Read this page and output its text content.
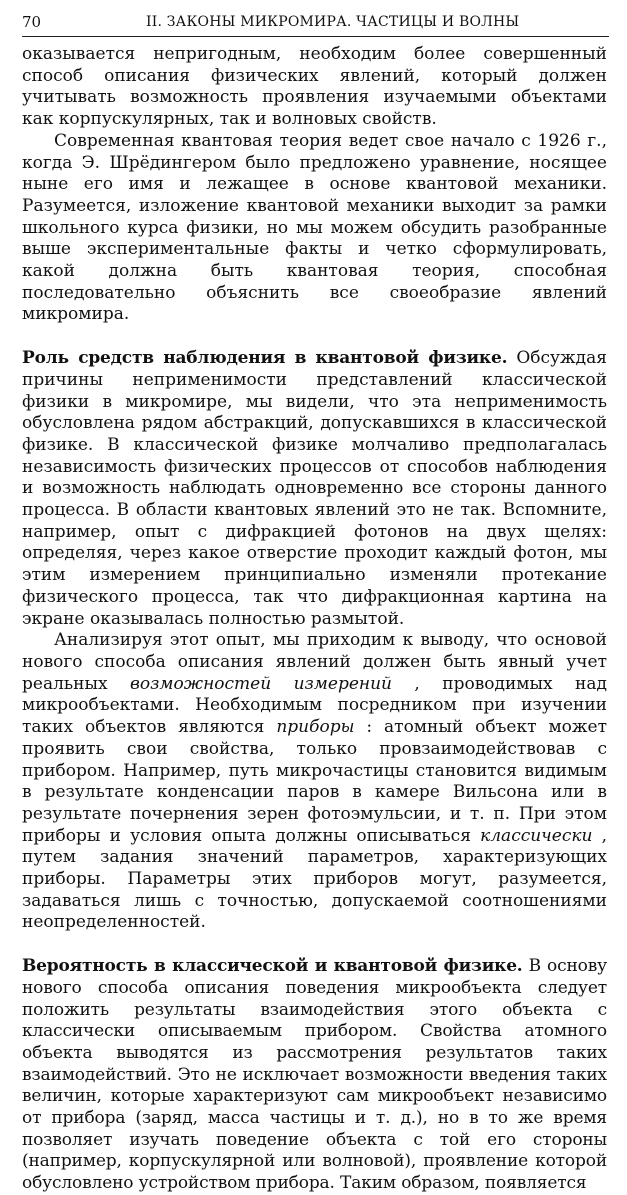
70	II. ЗАКОНЫ МИКРОМИРА. ЧАСТИЦЫ И ВОЛНЫ

оказывается непригодным, необходим более совершенный способ описания физических явлений, который должен учитывать возможность проявления изучаемыми объектами как корпускулярных, так и волновых свойств.

Современная квантовая теория ведет свое начало с 1926 г., когда Э. Шрёдингером было предложено уравнение, носящее ныне его имя и лежащее в основе квантовой механики. Разумеется, изложение квантовой механики выходит за рамки школьного курса физики, но мы можем обсудить разобранные выше экспериментальные факты и четко сформулировать, какой должна быть квантовая теория, способная последовательно объяснить все своеобразие явлений микромира.

Роль средств наблюдения в квантовой физике. Обсуждая причины неприменимости представлений классической физики в микромире, мы видели, что эта неприменимость обусловлена рядом абстракций, допускавшихся в классической физике. В классической физике молчаливо предполагалась независимость физических процессов от способов наблюдения и возможность наблюдать одновременно все стороны данного процесса. В области квантовых явлений это не так. Вспомните, например, опыт с дифракцией фотонов на двух щелях: определяя, через какое отверстие проходит каждый фотон, мы этим измерением принципиально изменяли протекание физического процесса, так что дифракционная картина на экране оказывалась полностью размытой.

Анализируя этот опыт, мы приходим к выводу, что основой нового способа описания явлений должен быть явный учет реальных возможностей измерений , проводимых над микрообъектами. Необходимым посредником при изучении таких объектов являются приборы : атомный объект может проявить свои свойства, только провзаимодействовав с прибором. Например, путь микрочастицы становится видимым в результате конденсации паров в камере Вильсона или в результате почернения зерен фотоэмульсии, и т. п. При этом приборы и условия опыта должны описываться классически , путем задания значений параметров, характеризующих приборы. Параметры этих приборов могут, разумеется, задаваться лишь с точностью, допускаемой соотношениями неопределенностей.

Вероятность в классической и квантовой физике. В основу нового способа описания поведения микрообъекта следует положить результаты взаимодействия этого объекта с классически описываемым прибором. Свойства атомного объекта выводятся из рассмотрения результатов таких взаимодействий. Это не исключает возможности введения таких величин, которые характеризуют сам микрообъект независимо от прибора (заряд, масса частицы и т. д.), но в то же время позволяет изучать поведение объекта с той его стороны (например, корпускулярной или волновой), проявление которой обусловлено устройством прибора. Таким образом, появляется
